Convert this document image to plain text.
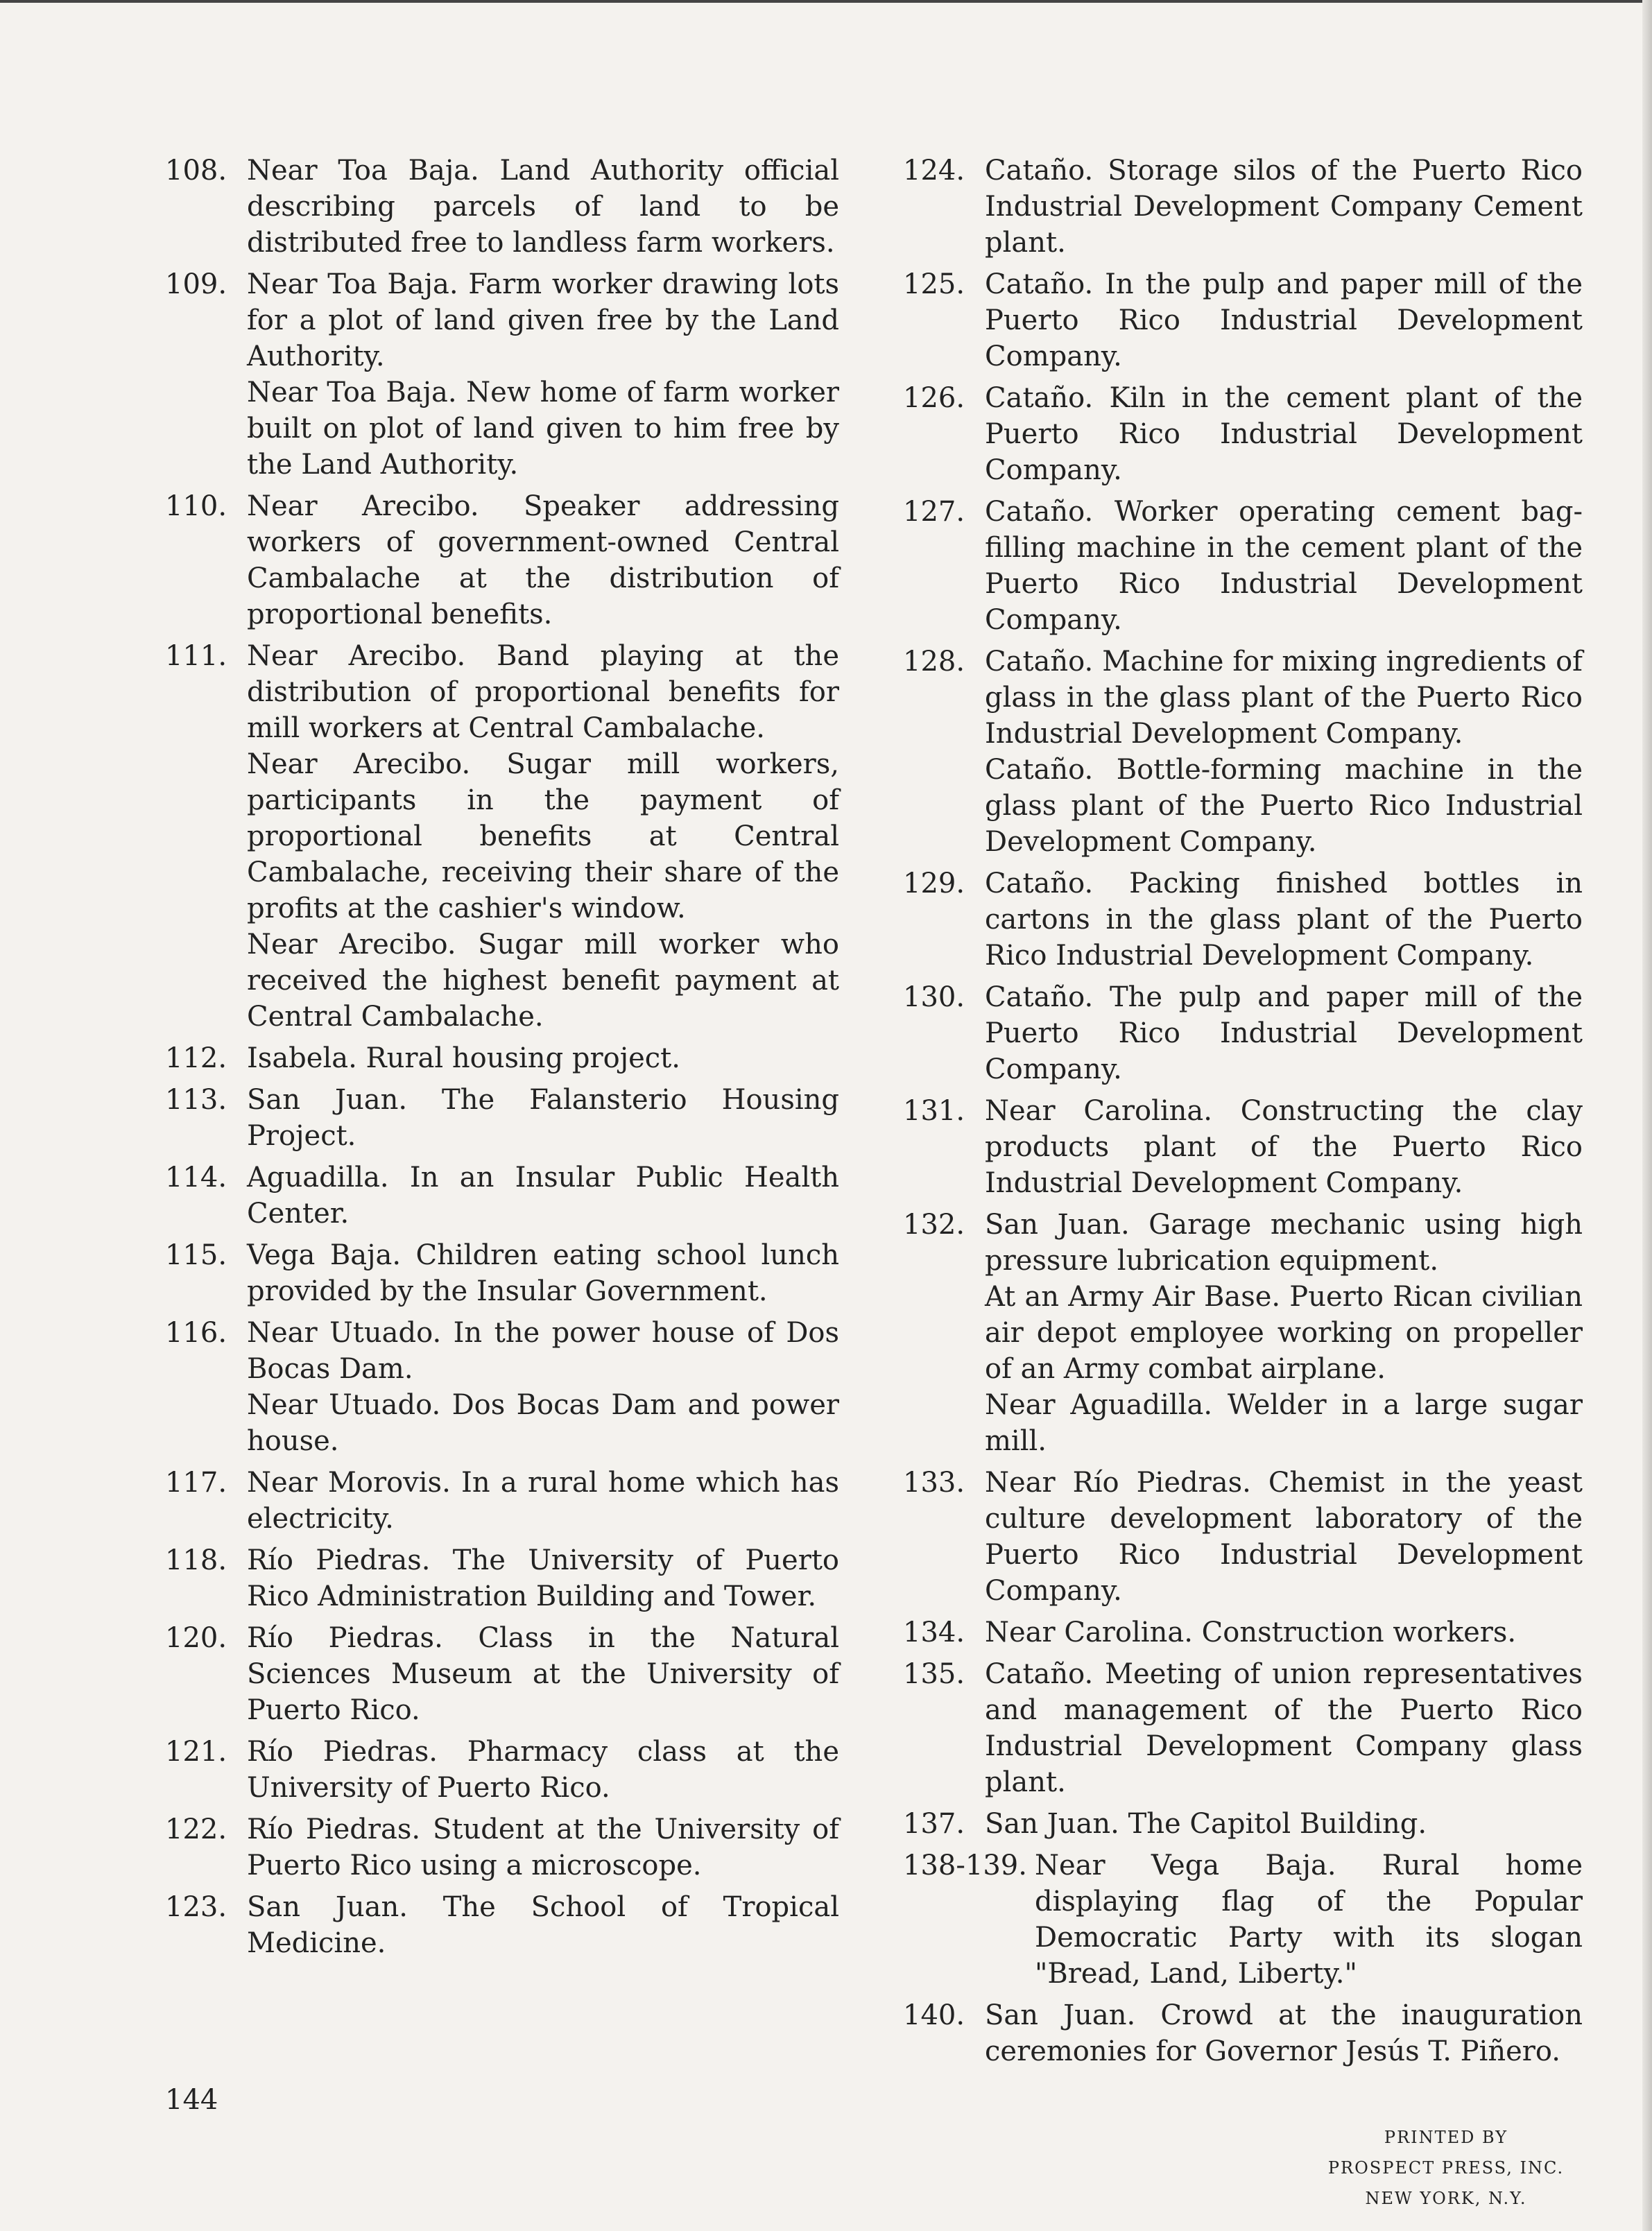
108. Near Toa Baja. Land Authority official describing parcels of land to be distributed free to landless farm workers.
109. Near Toa Baja. Farm worker drawing lots for a plot of land given free by the Land Authority.
Near Toa Baja. New home of farm worker built on plot of land given to him free by the Land Authority.
110. Near Arecibo. Speaker addressing workers of government-owned Central Cambalache at the distribution of proportional benefits.
111. Near Arecibo. Band playing at the distribution of proportional benefits for mill workers at Central Cambalache.
Near Arecibo. Sugar mill workers, participants in the payment of proportional benefits at Central Cambalache, receiving their share of the profits at the cashier's window.
Near Arecibo. Sugar mill worker who received the highest benefit payment at Central Cambalache.
112. Isabela. Rural housing project.
113. San Juan. The Falansterio Housing Project.
114. Aguadilla. In an Insular Public Health Center.
115. Vega Baja. Children eating school lunch provided by the Insular Government.
116. Near Utuado. In the power house of Dos Bocas Dam.
Near Utuado. Dos Bocas Dam and power house.
117. Near Morovis. In a rural home which has electricity.
118. Río Piedras. The University of Puerto Rico Administration Building and Tower.
120. Río Piedras. Class in the Natural Sciences Museum at the University of Puerto Rico.
121. Río Piedras. Pharmacy class at the University of Puerto Rico.
122. Río Piedras. Student at the University of Puerto Rico using a microscope.
123. San Juan. The School of Tropical Medicine.
124. Cataño. Storage silos of the Puerto Rico Industrial Development Company Cement plant.
125. Cataño. In the pulp and paper mill of the Puerto Rico Industrial Development Company.
126. Cataño. Kiln in the cement plant of the Puerto Rico Industrial Development Company.
127. Cataño. Worker operating cement bag-filling machine in the cement plant of the Puerto Rico Industrial Development Company.
128. Cataño. Machine for mixing ingredients of glass in the glass plant of the Puerto Rico Industrial Development Company.
Cataño. Bottle-forming machine in the glass plant of the Puerto Rico Industrial Development Company.
129. Cataño. Packing finished bottles in cartons in the glass plant of the Puerto Rico Industrial Development Company.
130. Cataño. The pulp and paper mill of the Puerto Rico Industrial Development Company.
131. Near Carolina. Constructing the clay products plant of the Puerto Rico Industrial Development Company.
132. San Juan. Garage mechanic using high pressure lubrication equipment.
At an Army Air Base. Puerto Rican civilian air depot employee working on propeller of an Army combat airplane.
Near Aguadilla. Welder in a large sugar mill.
133. Near Río Piedras. Chemist in the yeast culture development laboratory of the Puerto Rico Industrial Development Company.
134. Near Carolina. Construction workers.
135. Cataño. Meeting of union representatives and management of the Puerto Rico Industrial Development Company glass plant.
137. San Juan. The Capitol Building.
138-139. Near Vega Baja. Rural home displaying flag of the Popular Democratic Party with its slogan "Bread, Land, Liberty."
140. San Juan. Crowd at the inauguration ceremonies for Governor Jesús T. Piñero.
144
PRINTED BY
PROSPECT PRESS, INC.
NEW YORK, N.Y.
